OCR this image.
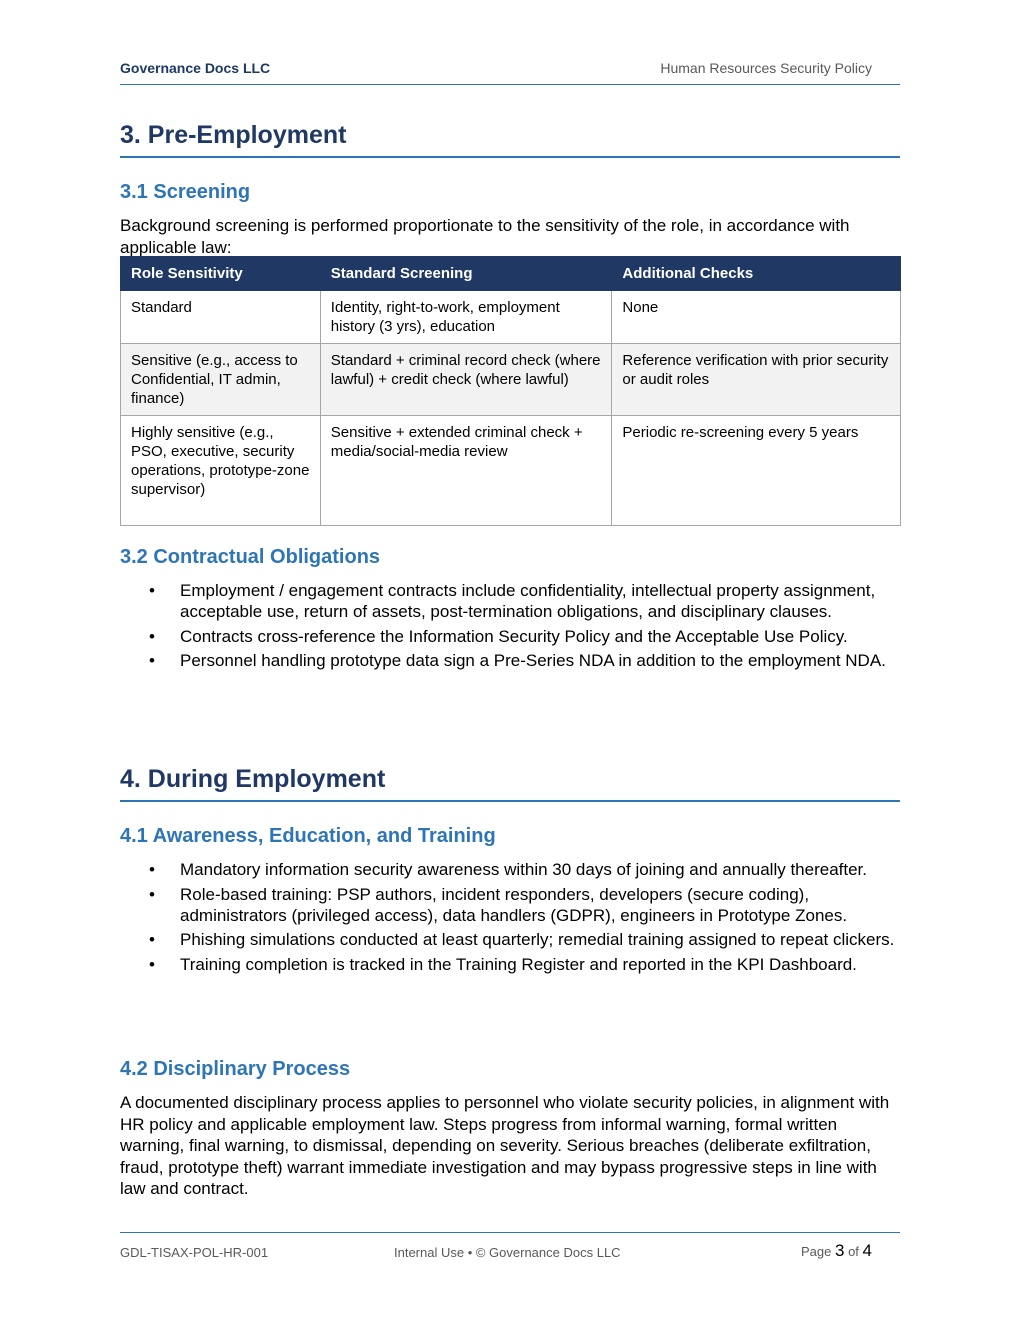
Governance Docs LLC	Human Resources Security Policy
3. Pre-Employment
3.1 Screening

Background screening is performed proportionate to the sensitivity of the role, in accordance with applicable law:

Role Sensitivity	Standard Screening	Additional Checks
Standard	Identity, right-to-work, employment history (3 yrs), education	None
Sensitive (e.g., access to Confidential, IT admin, finance)	Standard + criminal record check (where lawful) + credit check (where lawful)	Reference verification with prior security or audit roles
Highly sensitive (e.g., PSO, executive, security operations, prototype-zone supervisor)	Sensitive + extended criminal check + media/social-media review	Periodic re-screening every 5 years
3.2 Contractual Obligations
• Employment / engagement contracts include confidentiality, intellectual property assignment, acceptable use, return of assets, post-termination obligations, and disciplinary clauses.
• Contracts cross-reference the Information Security Policy and the Acceptable Use Policy.
• Personnel handling prototype data sign a Pre-Series NDA in addition to the employment NDA.
4. During Employment
4.1 Awareness, Education, and Training
• Mandatory information security awareness within 30 days of joining and annually thereafter.
• Role-based training: PSP authors, incident responders, developers (secure coding), administrators (privileged access), data handlers (GDPR), engineers in Prototype Zones.
• Phishing simulations conducted at least quarterly; remedial training assigned to repeat clickers.
• Training completion is tracked in the Training Register and reported in the KPI Dashboard.
4.2 Disciplinary Process

A documented disciplinary process applies to personnel who violate security policies, in alignment with HR policy and applicable employment law. Steps progress from informal warning, formal written warning, final warning, to dismissal, depending on severity. Serious breaches (deliberate exfiltration, fraud, prototype theft) warrant immediate investigation and may bypass progressive steps in line with law and contract.

GDL-TISAX-POL-HR-001	Internal Use • © Governance Docs LLC	Page 3 of 4
